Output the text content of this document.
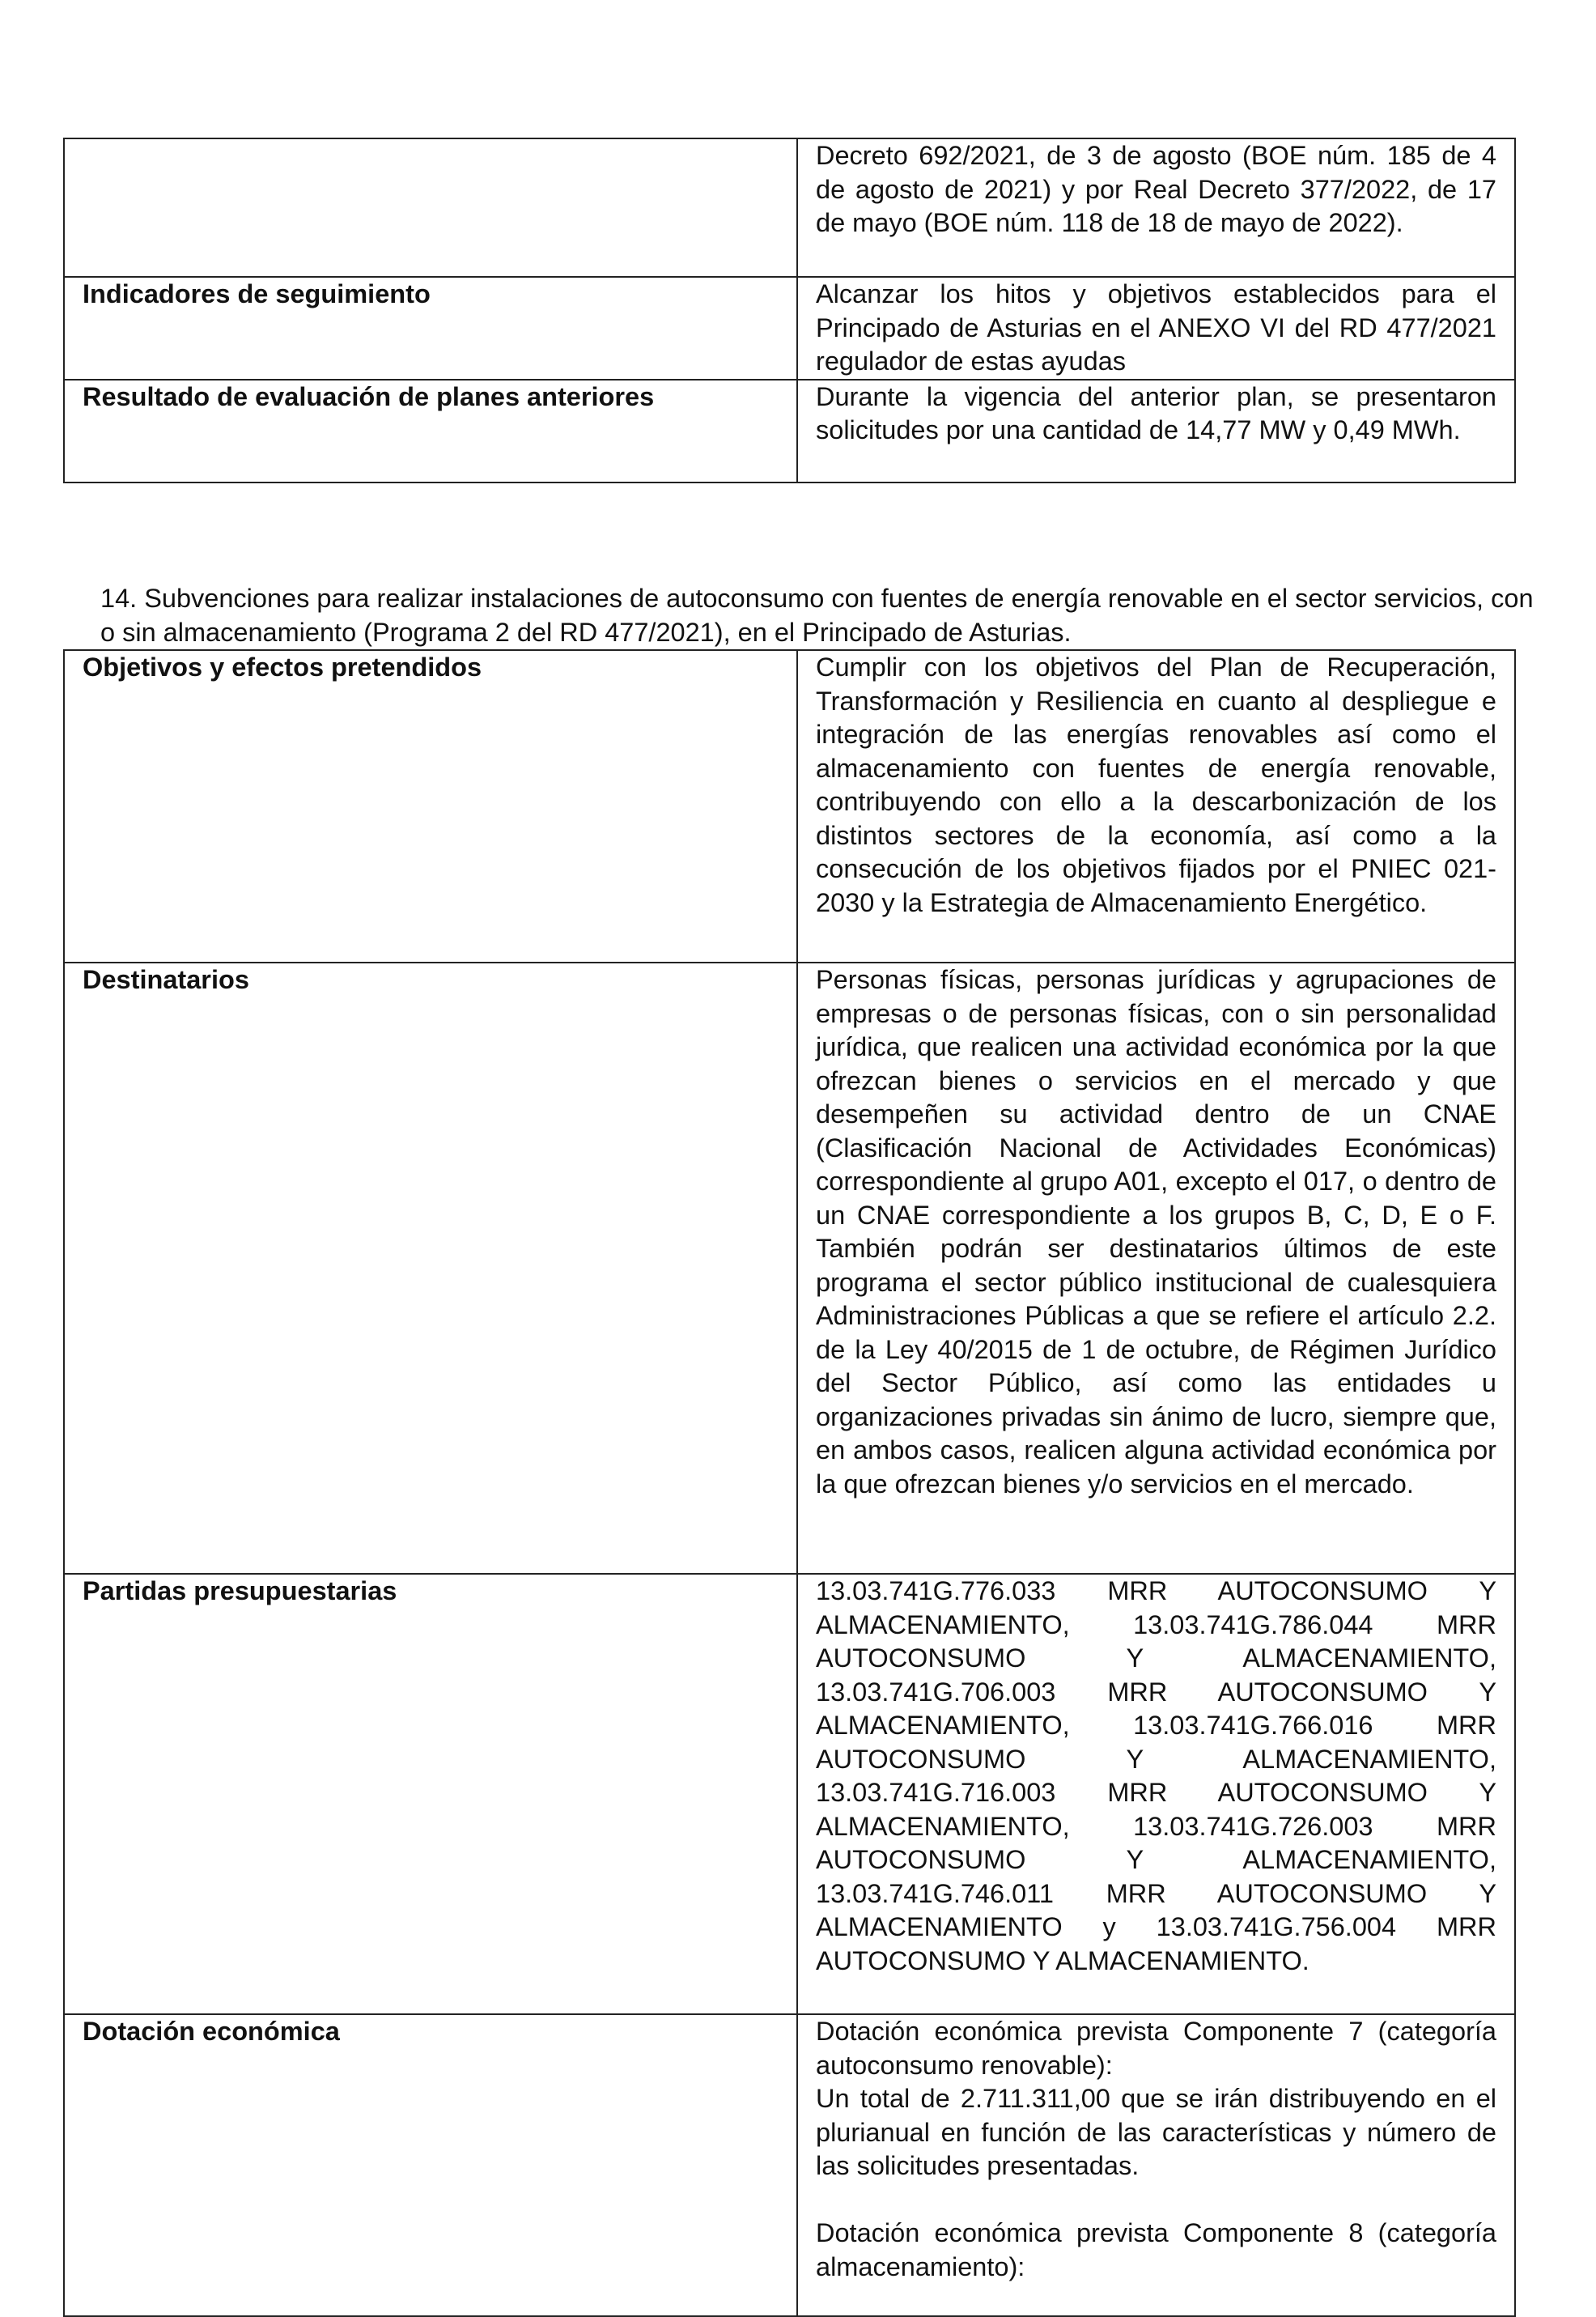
	Decreto 692/2021, de 3 de agosto (BOE núm. 185 de 4 de agosto de 2021) y por Real Decreto 377/2022, de 17 de mayo (BOE núm. 118 de 18 de mayo de 2022).
Indicadores de seguimiento	Alcanzar los hitos y objetivos establecidos para el Principado de Asturias en el ANEXO VI del RD 477/2021 regulador de estas ayudas
Resultado de evaluación de planes anteriores	Durante la vigencia del anterior plan, se presentaron solicitudes por una cantidad de 14,77 MW y 0,49 MWh.
14. Subvenciones para realizar instalaciones de autoconsumo con fuentes de energía renovable en el sector servicios, con o sin almacenamiento (Programa 2 del RD 477/2021), en el Principado de Asturias.
Objetivos y efectos pretendidos	Cumplir con los objetivos del Plan de Recuperación, Transformación y Resiliencia en cuanto al despliegue e integración de las energías renovables así como el almacenamiento con fuentes de energía renovable, contribuyendo con ello a la descarbonización de los distintos sectores de la economía, así como a la consecución de los objetivos fijados por el PNIEC 021-2030 y la Estrategia de Almacenamiento Energético.
Destinatarios	Personas físicas, personas jurídicas y agrupaciones de empresas o de personas físicas, con o sin personalidad jurídica, que realicen una actividad económica por la que ofrezcan bienes o servicios en el mercado y que desempeñen su actividad dentro de un CNAE (Clasificación Nacional de Actividades Económicas) correspondiente al grupo A01, excepto el 017, o dentro de un CNAE correspondiente a los grupos B, C, D, E o F. También podrán ser destinatarios últimos de este programa el sector público institucional de cualesquiera Administraciones Públicas a que se refiere el artículo 2.2. de la Ley 40/2015 de 1 de octubre, de Régimen Jurídico del Sector Público, así como las entidades u organizaciones privadas sin ánimo de lucro, siempre que, en ambos casos, realicen alguna actividad económica por la que ofrezcan bienes y/o servicios en el mercado.
Partidas presupuestarias	13.03.741G.776.033 MRR AUTOCONSUMO Y ALMACENAMIENTO, 13.03.741G.786.044 MRR AUTOCONSUMO Y ALMACENAMIENTO, 13.03.741G.706.003 MRR AUTOCONSUMO Y ALMACENAMIENTO, 13.03.741G.766.016 MRR AUTOCONSUMO Y ALMACENAMIENTO, 13.03.741G.716.003 MRR AUTOCONSUMO Y ALMACENAMIENTO, 13.03.741G.726.003 MRR AUTOCONSUMO Y ALMACENAMIENTO, 13.03.741G.746.011 MRR AUTOCONSUMO Y ALMACENAMIENTO y 13.03.741G.756.004 MRR AUTOCONSUMO Y ALMACENAMIENTO.
Dotación económica	Dotación económica prevista Componente 7 (categoría autoconsumo renovable):
Un total de 2.711.311,00 que se irán distribuyendo en el plurianual en función de las características y número de las solicitudes presentadas.
Dotación económica prevista Componente 8 (categoría almacenamiento):
